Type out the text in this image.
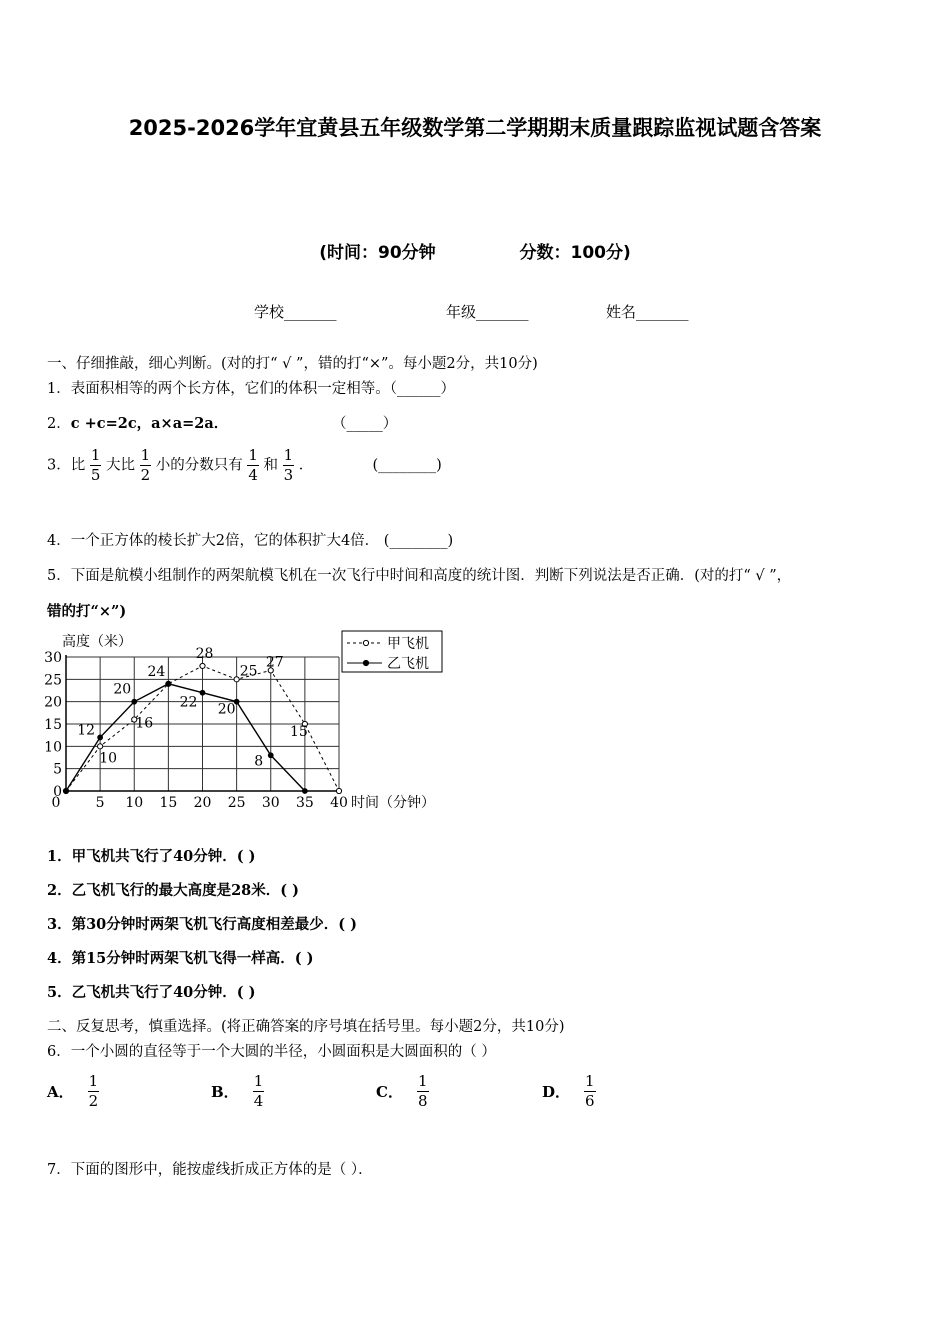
2025-2026学年宜黄县五年级数学第二学期期末质量跟踪监视试题含答案
(时间：90分钟	分数：100分)
学校_______	年级_______	姓名_______
一、仔细推敲，细心判断。(对的打“ √ ”，错的打“×”。每小题2分，共10分)
1．表面积相等的两个长方体，它们的体积一定相等。（______）
2．c +c=2c，a×a=2a．	（_____）
3．比 $\frac{1}{5}$ 大比 $\frac{1}{2}$ 小的分数只有 $\frac{1}{4}$ 和 $\frac{1}{3}$ ．	(________)
4．一个正方体的棱长扩大2倍，它的体积扩大4倍． (________)
5．下面是航模小组制作的两架航模飞机在一次飞行中时间和高度的统计图．判断下列说法是否正确．(对的打“ √ ”，
错的打“×”)
0	5 10 15 20 25 30 35 40
0
5
10
15
20
25
30
时间（分钟）
高度（米）
10
16
28
25
27
15
12
20
24
22 20
8
甲飞机
乙飞机
1．甲飞机共飞行了40分钟．( )
2．乙飞机飞行的最大高度是28米．( )
3．第30分钟时两架飞机飞行高度相差最少．( )
4．第15分钟时两架飞机飞得一样高．( )
5．乙飞机共飞行了40分钟．( )
二、反复思考，慎重选择。(将正确答案的序号填在括号里。每小题2分，共10分)
6．一个小圆的直径等于一个大圆的半径，小圆面积是大圆面积的（ ）
A． $\frac{1}{2}$	B． $\frac{1}{4}$	C． $\frac{1}{8}$	D． $\frac{1}{6}$
7．下面的图形中，能按虚线折成正方体的是（ ）．
